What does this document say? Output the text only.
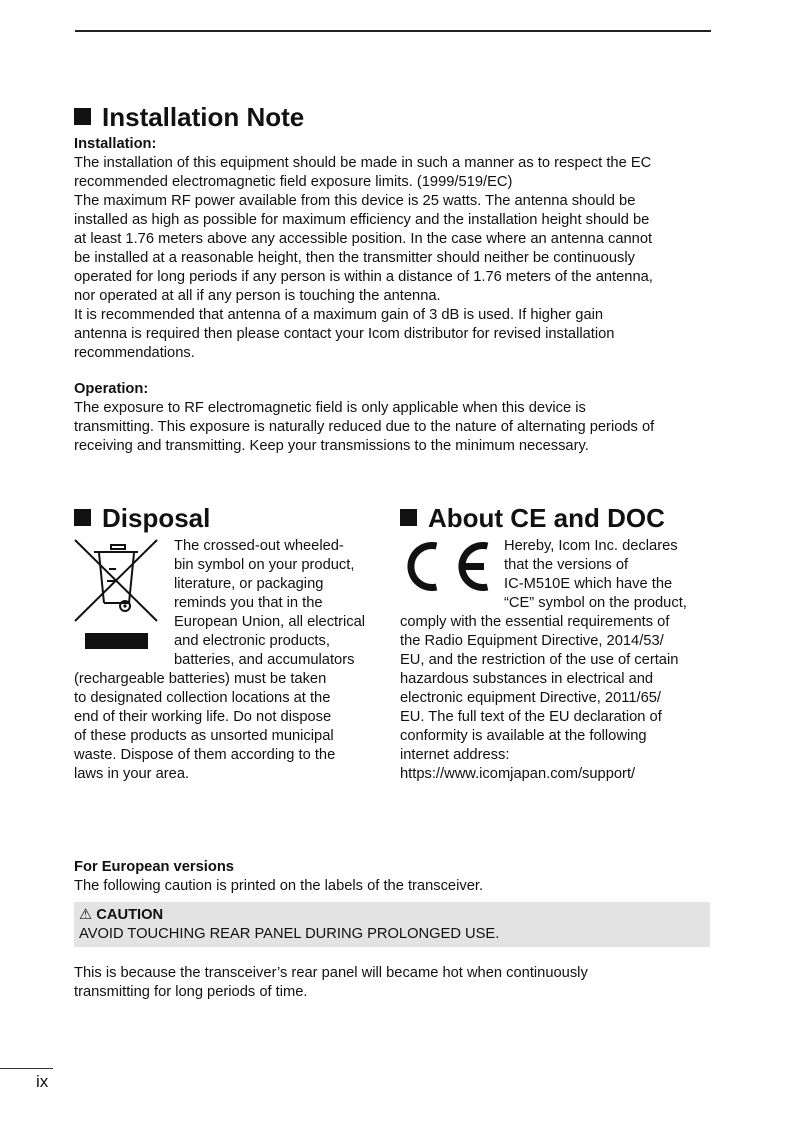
Installation Note
Installation:
The installation of this equipment should be made in such a manner as to respect the EC
recommended electromagnetic field exposure limits. (1999/519/EC)
The maximum RF power available from this device is 25 watts. The antenna should be
installed as high as possible for maximum efficiency and the installation height should be
at least 1.76 meters above any accessible position. In the case where an antenna cannot
be installed at a reasonable height, then the transmitter should neither be continuously
operated for long periods if any person is within a distance of 1.76 meters of the antenna,
nor operated at all if any person is touching the antenna.
It is recommended that antenna of a maximum gain of 3 dB is used. If higher gain
antenna is required then please contact your Icom distributor for revised installation
recommendations.
Operation:
The exposure to RF electromagnetic field is only applicable when this device is
transmitting. This exposure is naturally reduced due to the nature of alternating periods of
receiving and transmitting. Keep your transmissions to the minimum necessary.
Disposal
The crossed-out wheeled-
bin symbol on your product,
literature, or packaging
reminds you that in the
European Union, all electrical
and electronic products,
batteries, and accumulators
(rechargeable batteries) must be taken
to designated collection locations at the
end of their working life. Do not dispose
of these products as unsorted municipal
waste. Dispose of them according to the
laws in your area.
About CE and DOC
Hereby, Icom Inc. declares
that the versions of
IC-M510E which have the
“CE” symbol on the product,
comply with the essential requirements of
the Radio Equipment Directive, 2014/53/
EU, and the restriction of the use of certain
hazardous substances in electrical and
electronic equipment Directive, 2011/65/
EU. The full text of the EU declaration of
conformity is available at the following
internet address:
https://www.icomjapan.com/support/
For European versions
The following caution is printed on the labels of the transceiver.
⚠ CAUTION
AVOID TOUCHING REAR PANEL DURING PROLONGED USE.
This is because the transceiver’s rear panel will became hot when continuously
transmitting for long periods of time.
ix
